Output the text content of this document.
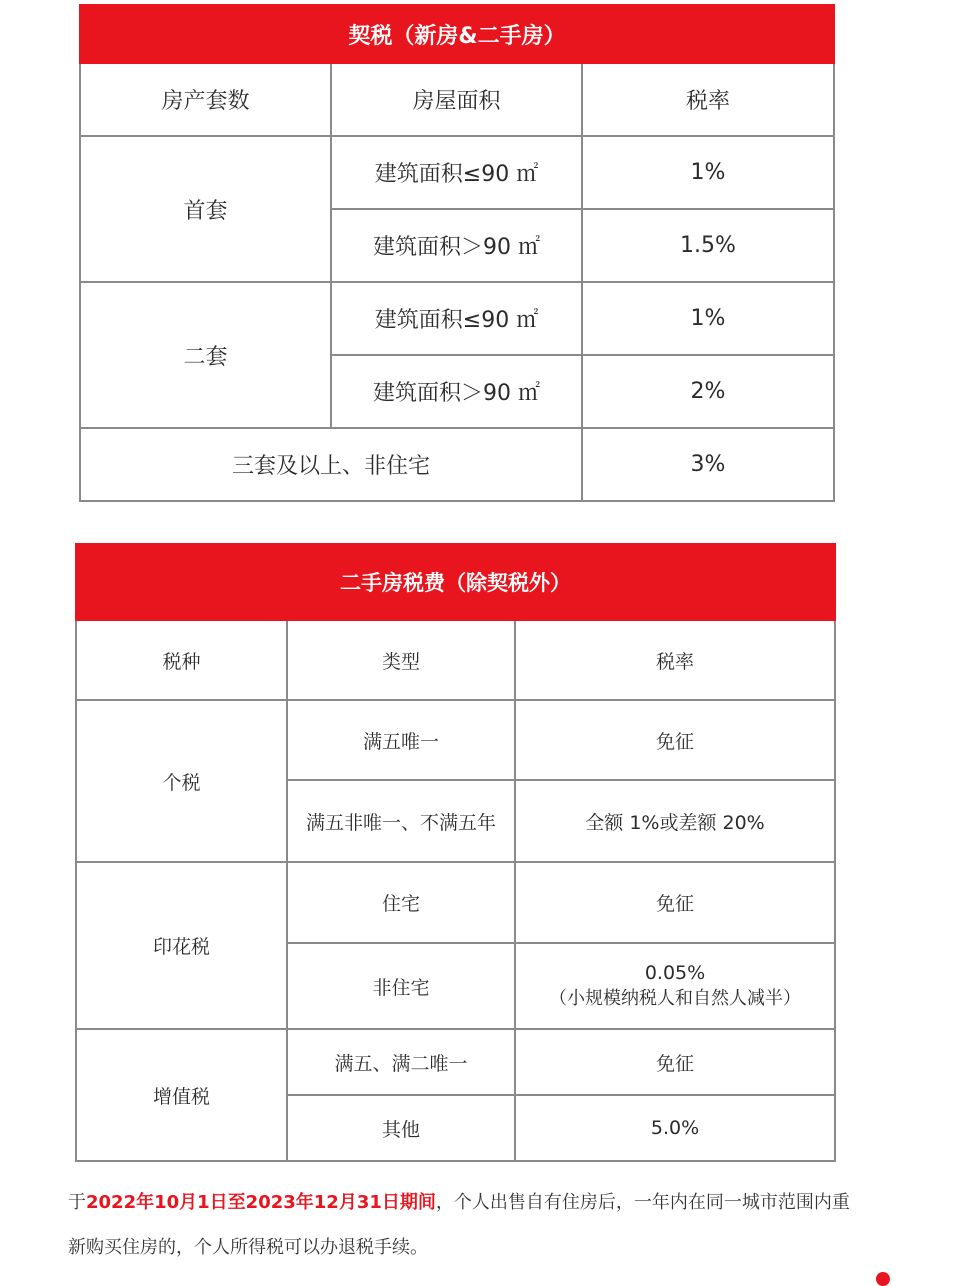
契税（新房&二手房）		
房产套数	房屋面积	税率
首套	建筑面积≤90 ㎡	1%
	建筑面积＞90 ㎡	1.5%
二套	建筑面积≤90 ㎡	1%
	建筑面积＞90 ㎡	2%
三套及以上、非住宅		3%
二手房税费（除契税外）		
税种	类型	税率
个税	满五唯一	免征
	满五非唯一、不满五年	全额 1%或差额 20%
印花税	住宅	免征
	非住宅	0.05%
（小规模纳税人和自然人减半）

增值税	满五、满二唯一	免征
	其他	5.0%
于2022年10月1日至2023年12月31日期间，个人出售自有住房后，一年内在同一城市范围内重新购买住房的，个人所得税可以办退税手续。
